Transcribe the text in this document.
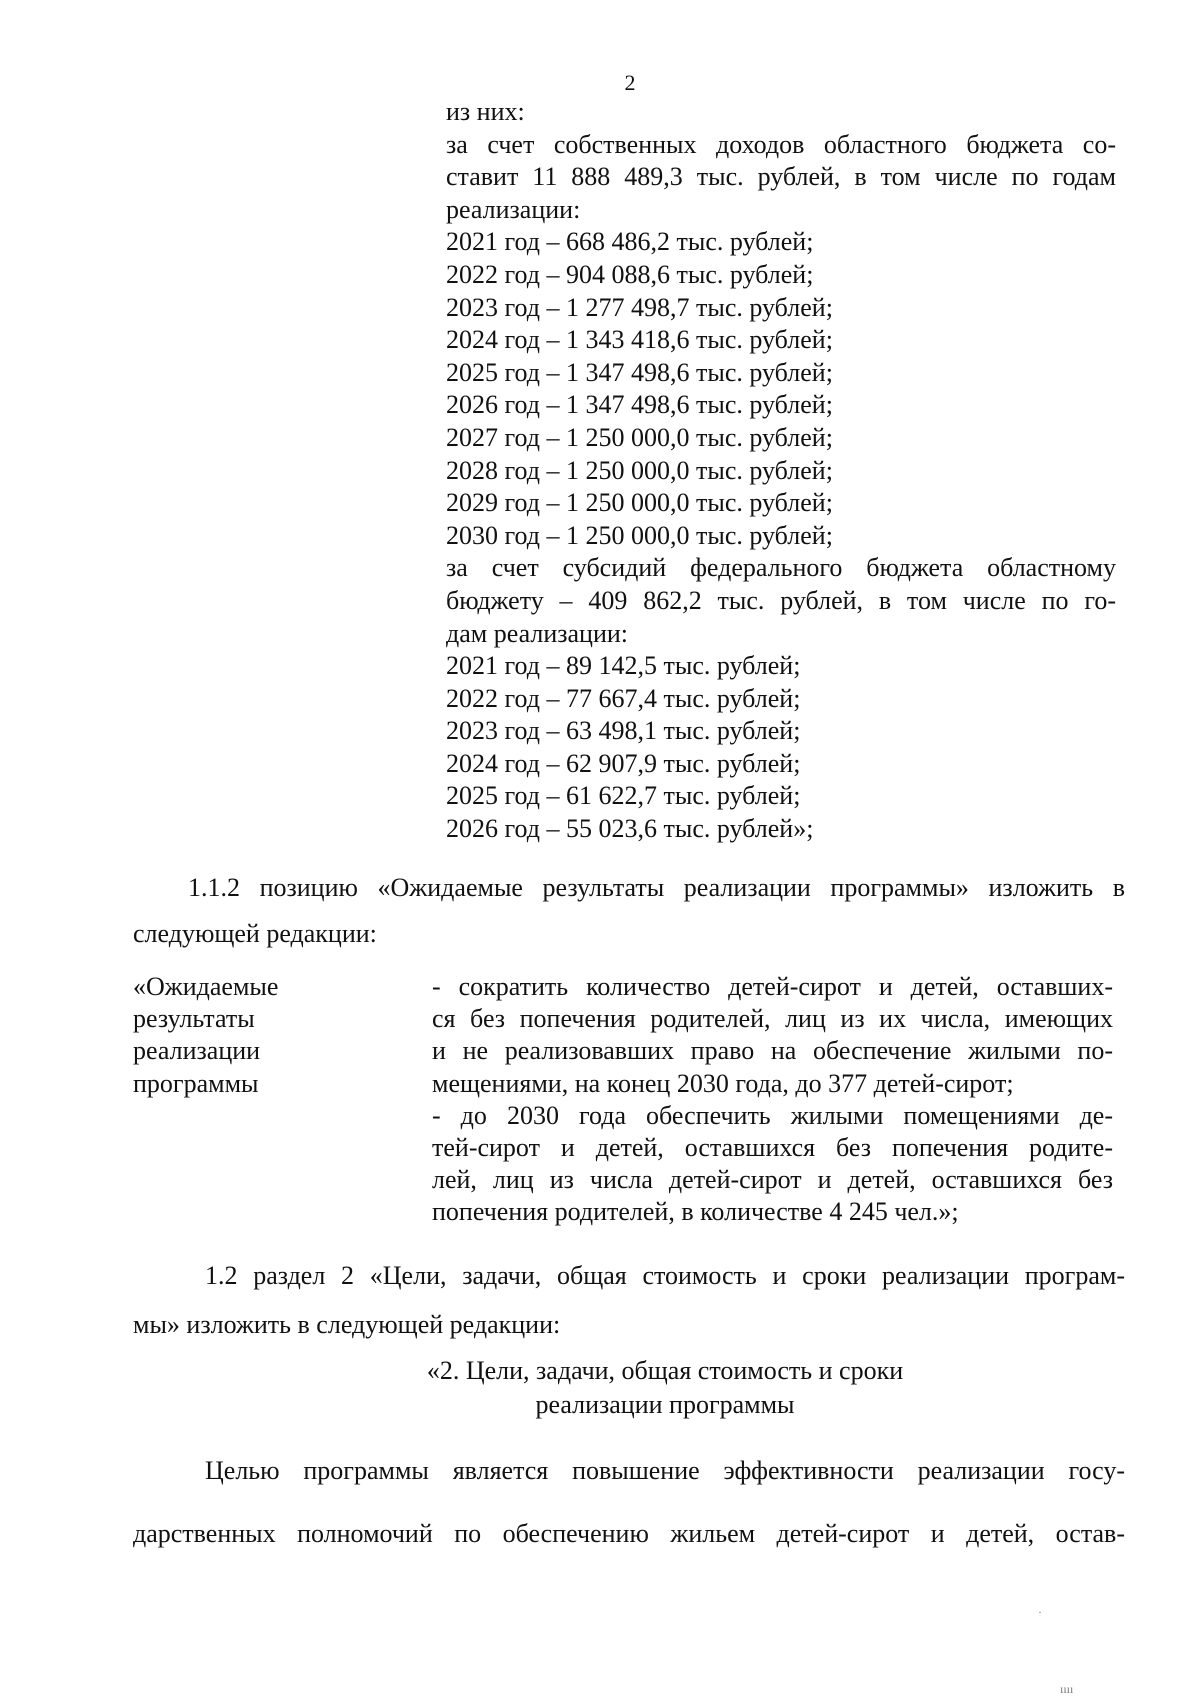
2
из них:
за счет собственных доходов областного бюджета со-
ставит 11 888 489,3 тыс. рублей, в том числе по годам
реализации:
2021 год – 668 486,2 тыс. рублей;
2022 год – 904 088,6 тыс. рублей;
2023 год – 1 277 498,7 тыс. рублей;
2024 год – 1 343 418,6 тыс. рублей;
2025 год – 1 347 498,6 тыс. рублей;
2026 год – 1 347 498,6 тыс. рублей;
2027 год – 1 250 000,0 тыс. рублей;
2028 год – 1 250 000,0 тыс. рублей;
2029 год – 1 250 000,0 тыс. рублей;
2030 год – 1 250 000,0 тыс. рублей;
за счет субсидий федерального бюджета областному
бюджету – 409 862,2 тыс. рублей, в том числе по го-
дам реализации:
2021 год – 89 142,5 тыс. рублей;
2022 год – 77 667,4 тыс. рублей;
2023 год – 63 498,1 тыс. рублей;
2024 год – 62 907,9 тыс. рублей;
2025 год – 61 622,7 тыс. рублей;
2026 год – 55 023,6 тыс. рублей»;
1.1.2 позицию «Ожидаемые результаты реализации программы» изложить в
следующей редакции:
«Ожидаемые
результаты
реализации
программы
- сократить количество детей-сирот и детей, оставших-
ся без попечения родителей, лиц из их числа, имеющих
и не реализовавших право на обеспечение жилыми по-
мещениями, на конец 2030 года, до 377 детей-сирот;
- до 2030 года обеспечить жилыми помещениями де-
тей-сирот и детей, оставшихся без попечения родите-
лей, лиц из числа детей-сирот и детей, оставшихся без
попечения родителей, в количестве 4 245 чел.»;
1.2 раздел 2 «Цели, задачи, общая стоимость и сроки реализации програм-
мы» изложить в следующей редакции:
«2. Цели, задачи, общая стоимость и сроки
реализации программы
Целью программы является повышение эффективности реализации госу-
дарственных полномочий по обеспечению жильем детей-сирот и детей, остав-
·
ıııı
